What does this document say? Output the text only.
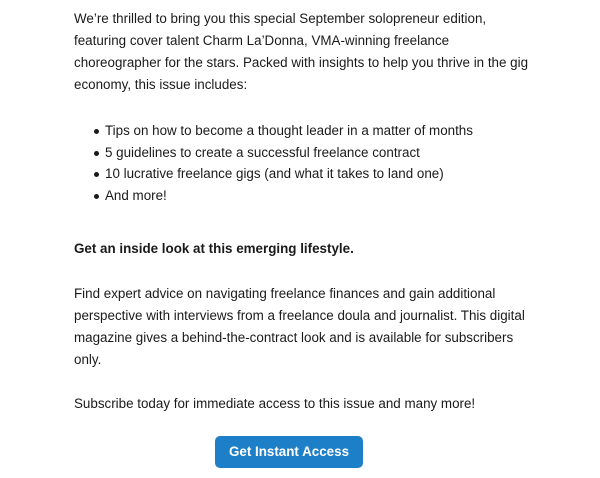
We’re thrilled to bring you this special September solopreneur edition, featuring cover talent Charm La’Donna, VMA-winning freelance choreographer for the stars. Packed with insights to help you thrive in the gig economy, this issue includes:

Tips on how to become a thought leader in a matter of months
5 guidelines to create a successful freelance contract
10 lucrative freelance gigs (and what it takes to land one)
And more!

Get an inside look at this emerging lifestyle.

Find expert advice on navigating freelance finances and gain additional perspective with interviews from a freelance doula and journalist. This digital magazine gives a behind-the-contract look and is available for subscribers only.

Subscribe today for immediate access to this issue and many more!

Get Instant Access
